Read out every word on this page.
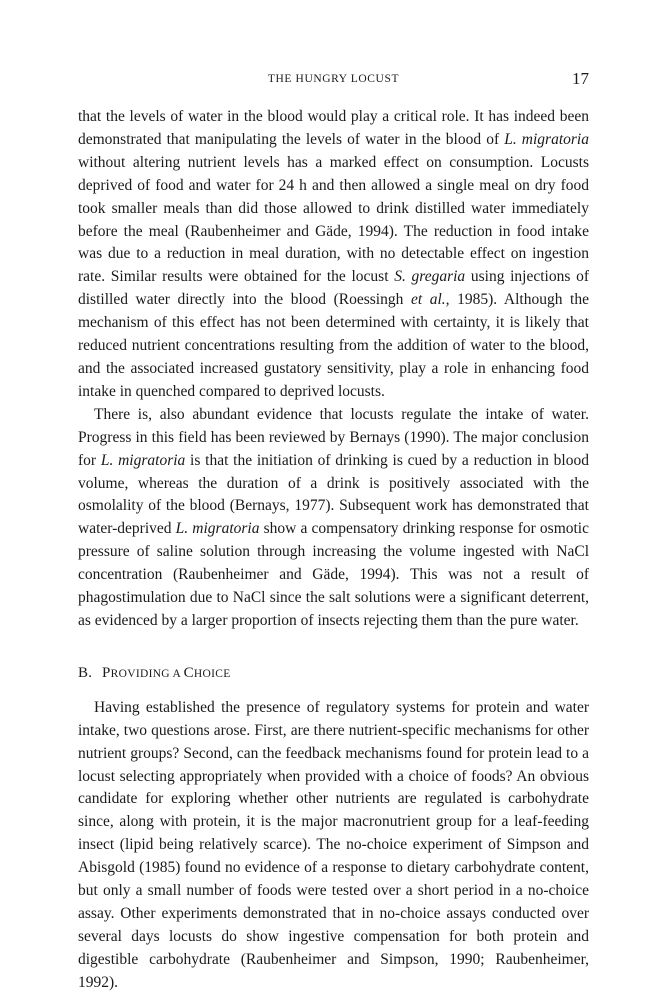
THE HUNGRY LOCUST	17

that the levels of water in the blood would play a critical role. It has indeed been demonstrated that manipulating the levels of water in the blood of L. migratoria without altering nutrient levels has a marked effect on consumption. Locusts deprived of food and water for 24 h and then allowed a single meal on dry food took smaller meals than did those allowed to drink distilled water immediately before the meal (Raubenheimer and Gäde, 1994). The reduction in food intake was due to a reduction in meal duration, with no detectable effect on ingestion rate. Similar results were obtained for the locust S. gregaria using injections of distilled water directly into the blood (Roessingh et al., 1985). Although the mechanism of this effect has not been determined with certainty, it is likely that reduced nutrient concentrations resulting from the addition of water to the blood, and the associated increased gustatory sensitivity, play a role in enhancing food intake in quenched compared to deprived locusts.

There is, also abundant evidence that locusts regulate the intake of water. Progress in this field has been reviewed by Bernays (1990). The major conclusion for L. migratoria is that the initiation of drinking is cued by a reduction in blood volume, whereas the duration of a drink is positively associated with the osmolality of the blood (Bernays, 1977). Subsequent work has demonstrated that water-deprived L. migratoria show a compensatory drinking response for osmotic pressure of saline solution through increasing the volume ingested with NaCl concentration (Raubenheimer and Gäde, 1994). This was not a result of phagostimulation due to NaCl since the salt solutions were a significant deterrent, as evidenced by a larger proportion of insects rejecting them than the pure water.

B. PROVIDING A CHOICE

Having established the presence of regulatory systems for protein and water intake, two questions arose. First, are there nutrient-specific mechanisms for other nutrient groups? Second, can the feedback mechanisms found for protein lead to a locust selecting appropriately when provided with a choice of foods? An obvious candidate for exploring whether other nutrients are regulated is carbohydrate since, along with protein, it is the major macronutrient group for a leaf-feeding insect (lipid being relatively scarce). The no-choice experiment of Simpson and Abisgold (1985) found no evidence of a response to dietary carbohydrate content, but only a small number of foods were tested over a short period in a no-choice assay. Other experiments demonstrated that in no-choice assays conducted over several days locusts do show ingestive compensation for both protein and digestible carbohydrate (Raubenheimer and Simpson, 1990; Raubenheimer, 1992).
